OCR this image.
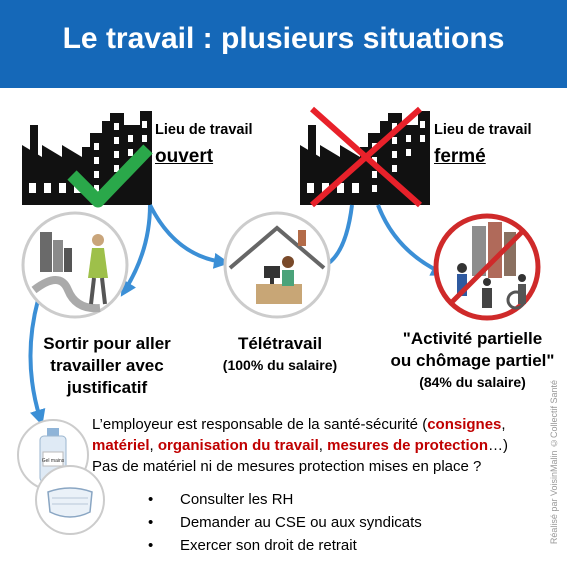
Le travail : plusieurs situations
Lieu de travail
ouvert
Lieu de travail
fermé
Sortir pour aller
travailler avec
justificatif
Télétravail
(100% du salaire)
"Activité partielle
ou chômage partiel"
(84% du salaire)
Gel mains
L’employeur est responsable de la santé-sécurité (consignes, matériel, organisation du travail, mesures de protection…)
Pas de matériel ni de mesures protection mises en place ?
• Consulter les RH
• Demander au CSE ou aux syndicats
• Exercer son droit de retrait
Réalisé par VoisinMalin ©Collectif Santé
